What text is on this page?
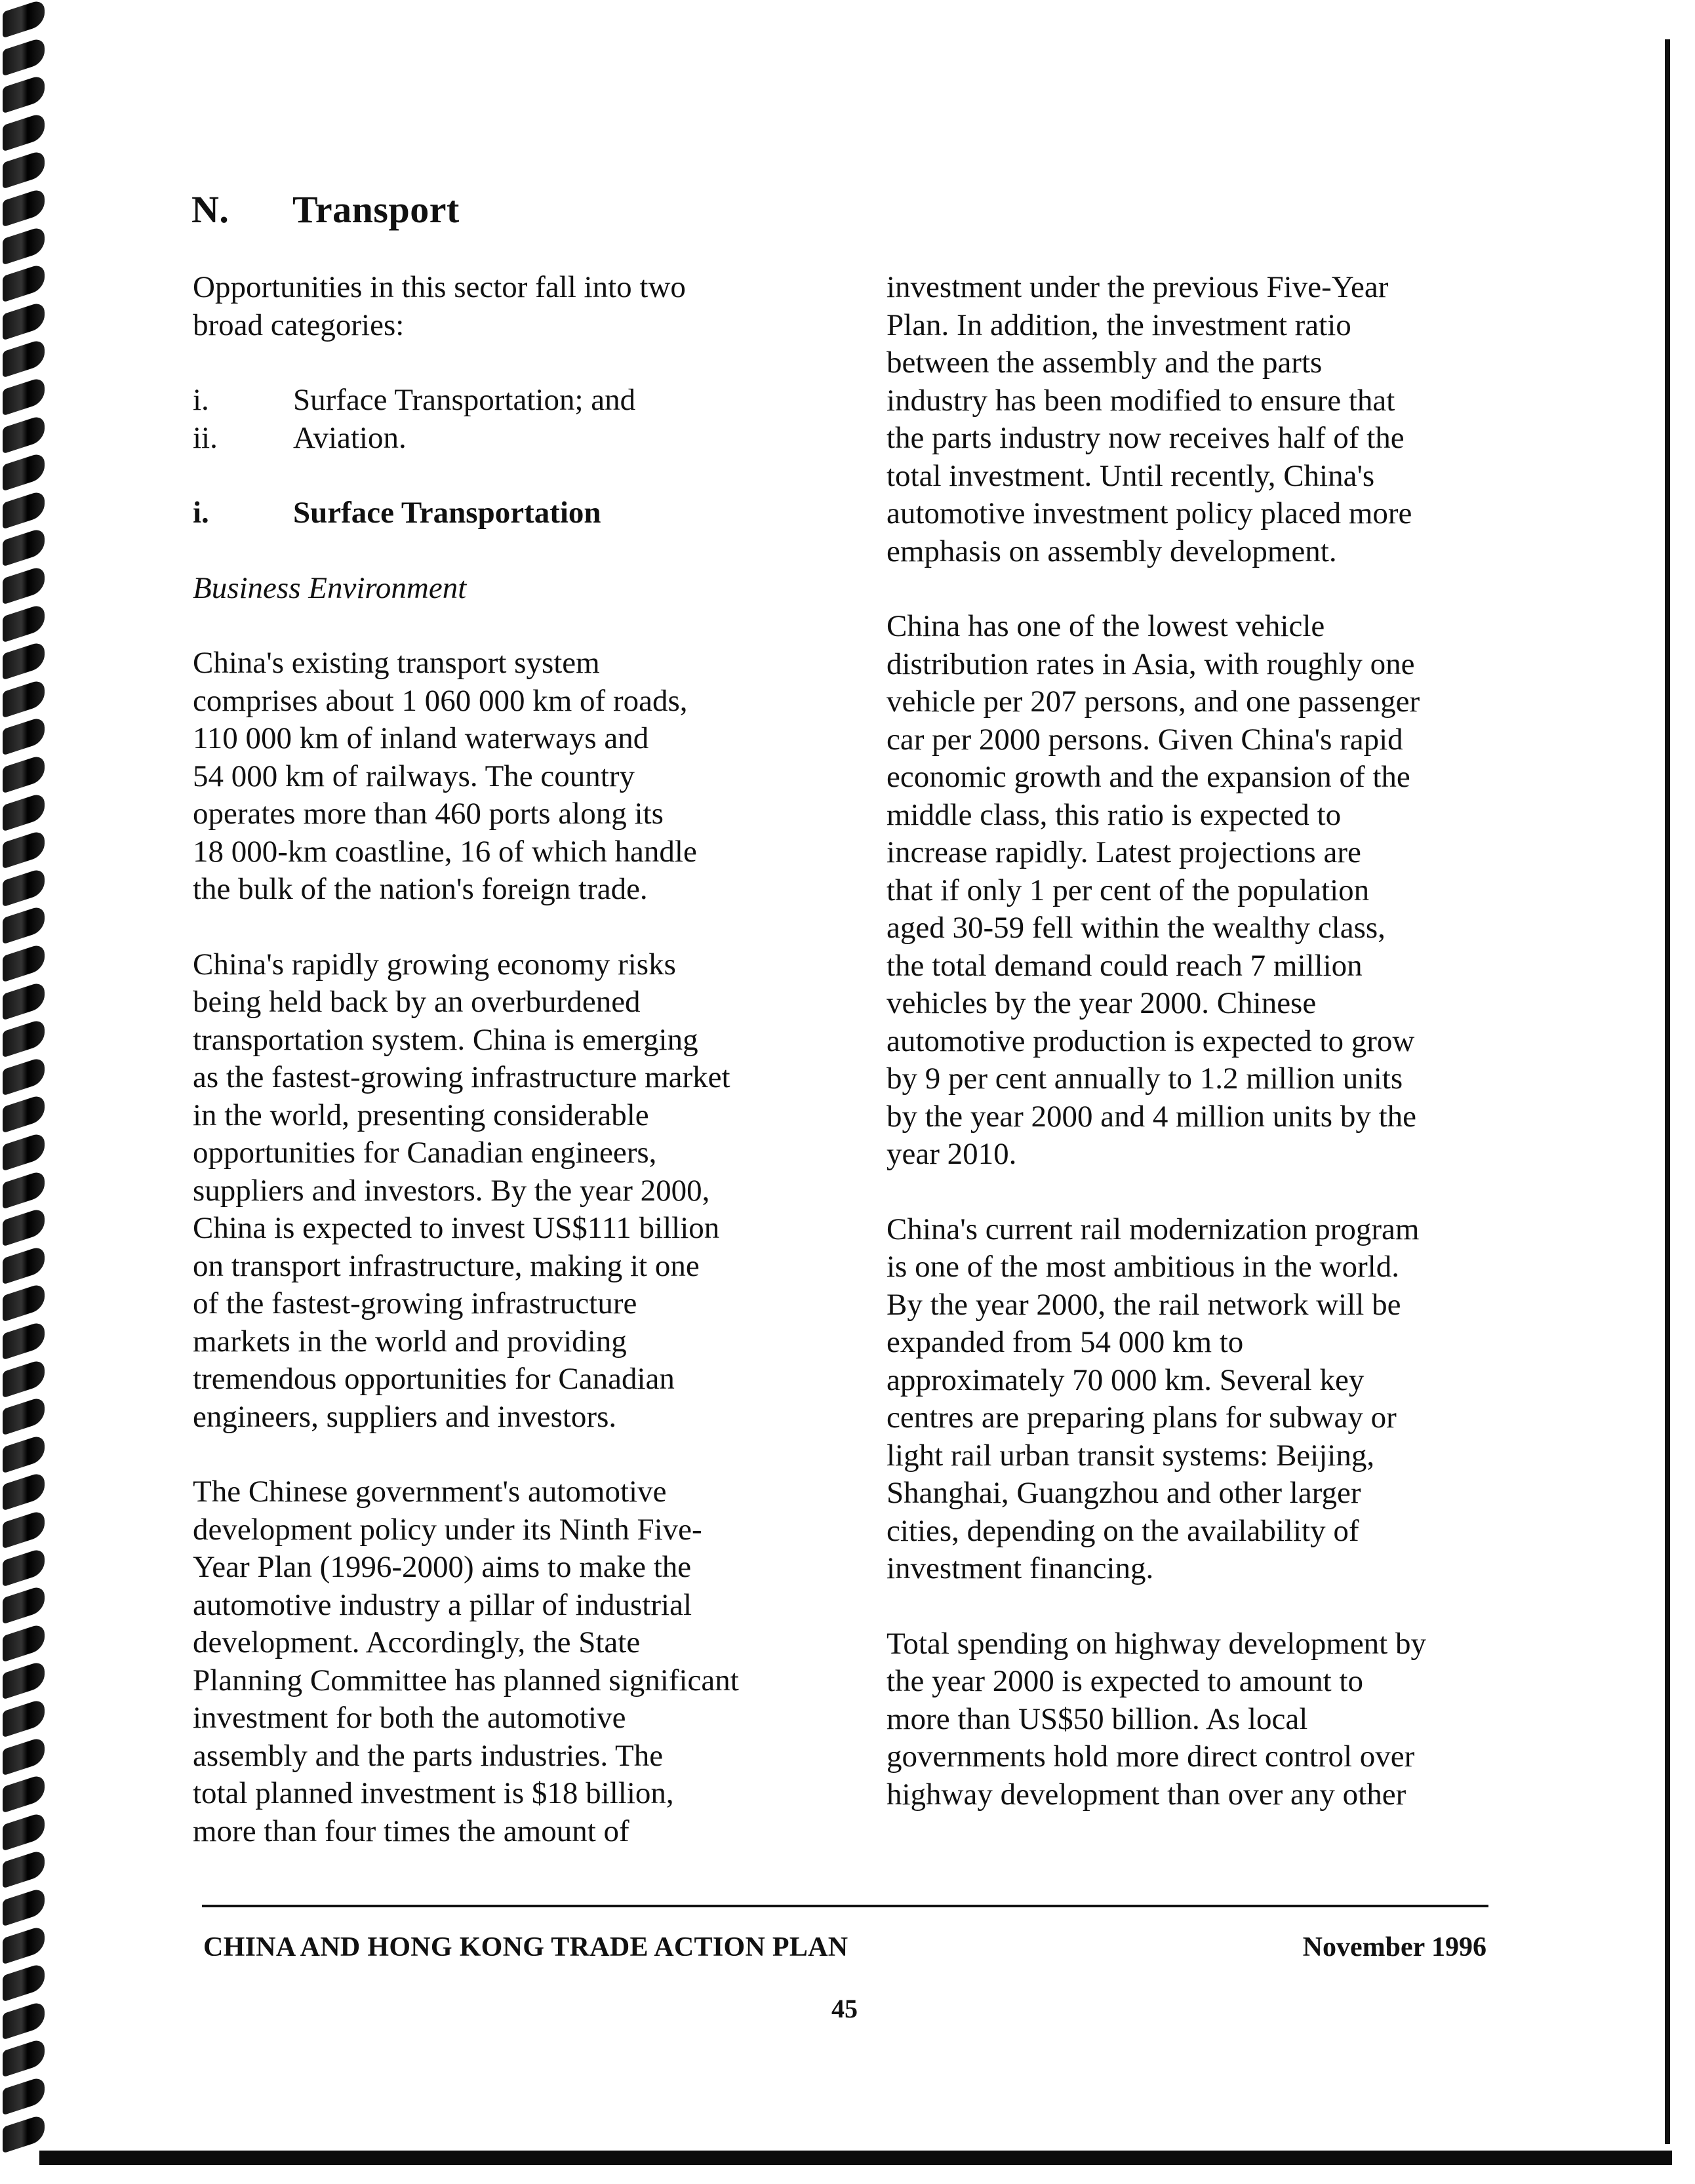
N. Transport

Opportunities in this sector fall into two

broad categories:

i.	Surface Transportation; and
ii.	Aviation.
i.	Surface Transportation

Business Environment

China's existing transport system

comprises about 1 060 000 km of roads,

110 000 km of inland waterways and

54 000 km of railways. The country

operates more than 460 ports along its

18 000-km coastline, 16 of which handle

the bulk of the nation's foreign trade.

China's rapidly growing economy risks

being held back by an overburdened

transportation system. China is emerging

as the fastest-growing infrastructure market

in the world, presenting considerable

opportunities for Canadian engineers,

suppliers and investors. By the year 2000,

China is expected to invest US$111 billion

on transport infrastructure, making it one

of the fastest-growing infrastructure

markets in the world and providing

tremendous opportunities for Canadian

engineers, suppliers and investors.

The Chinese government's automotive

development policy under its Ninth Five-

Year Plan (1996-2000) aims to make the

automotive industry a pillar of industrial

development. Accordingly, the State

Planning Committee has planned significant

investment for both the automotive

assembly and the parts industries. The

total planned investment is $18 billion,

more than four times the amount of

investment under the previous Five-Year

Plan. In addition, the investment ratio

between the assembly and the parts

industry has been modified to ensure that

the parts industry now receives half of the

total investment. Until recently, China's

automotive investment policy placed more

emphasis on assembly development.

China has one of the lowest vehicle

distribution rates in Asia, with roughly one

vehicle per 207 persons, and one passenger

car per 2000 persons. Given China's rapid

economic growth and the expansion of the

middle class, this ratio is expected to

increase rapidly. Latest projections are

that if only 1 per cent of the population

aged 30-59 fell within the wealthy class,

the total demand could reach 7 million

vehicles by the year 2000. Chinese

automotive production is expected to grow

by 9 per cent annually to 1.2 million units

by the year 2000 and 4 million units by the

year 2010.

China's current rail modernization program

is one of the most ambitious in the world.

By the year 2000, the rail network will be

expanded from 54 000 km to

approximately 70 000 km. Several key

centres are preparing plans for subway or

light rail urban transit systems: Beijing,

Shanghai, Guangzhou and other larger

cities, depending on the availability of

investment financing.

Total spending on highway development by

the year 2000 is expected to amount to

more than US$50 billion. As local

governments hold more direct control over

highway development than over any other

CHINA AND HONG KONG TRADE ACTION PLAN	November 1996
45
